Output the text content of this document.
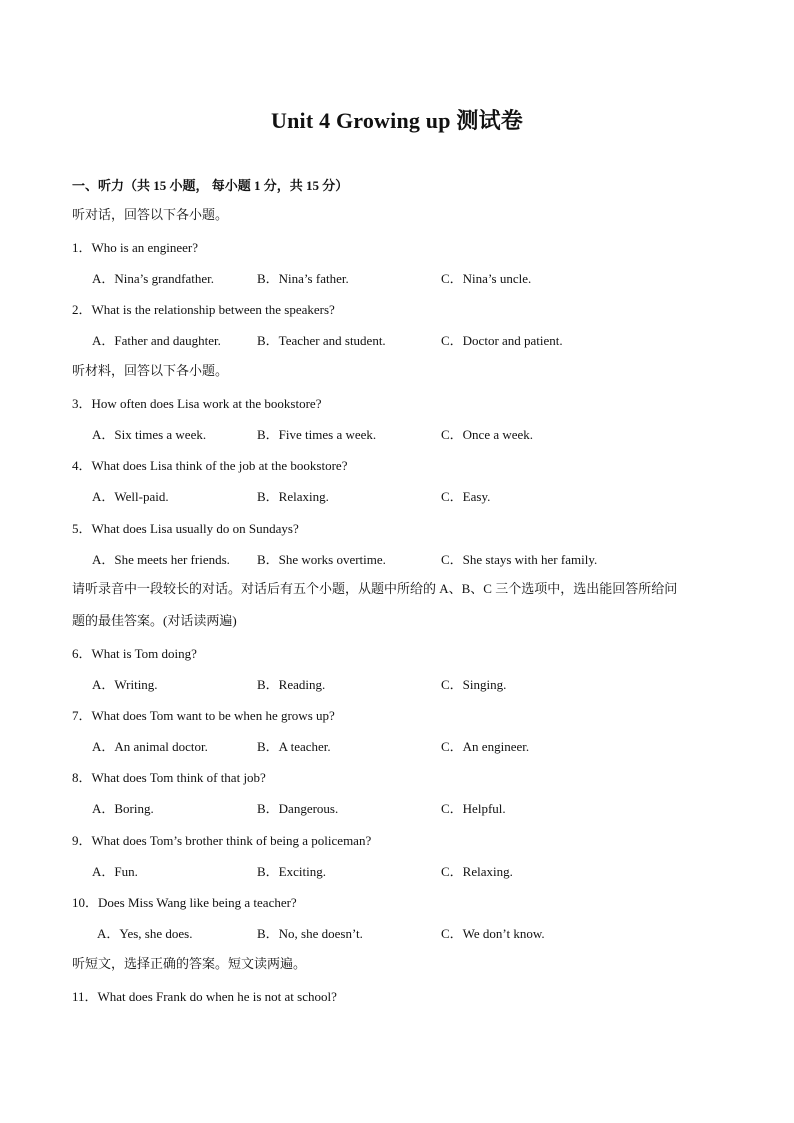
Unit 4 Growing up 测试卷
一、听力（共 15 小题， 每小题 1 分，共 15 分）
听对话，回答以下各小题。
1．Who is an engineer?
A．Nina’s grandfather.	B．Nina’s father.	C．Nina’s uncle.
2．What is the relationship between the speakers?
A．Father and daughter.	B．Teacher and student.	C．Doctor and patient.
听材料，回答以下各小题。
3．How often does Lisa work at the bookstore?
A．Six times a week.	B．Five times a week.	C．Once a week.
4．What does Lisa think of the job at the bookstore?
A．Well-paid.	B．Relaxing.	C．Easy.
5．What does Lisa usually do on Sundays?
A．She meets her friends. B．She works overtime.	C．She stays with her family.
请听录音中一段较长的对话。对话后有五个小题，从题中所给的 A、B、C 三个选项中，选出能回答所给问
题的最佳答案。(对话读两遍)
6．What is Tom doing?
A．Writing.	B．Reading.	C．Singing.
7．What does Tom want to be when he grows up?
A．An animal doctor.	B．A teacher.	C．An engineer.
8．What does Tom think of that job?
A．Boring.	B．Dangerous.	C．Helpful.
9．What does Tom’s brother think of being a policeman?
A．Fun.	B．Exciting.	C．Relaxing.
10．Does Miss Wang like being a teacher?
A．Yes, she does.	B．No, she doesn’t.	C．We don’t know.
听短文，选择正确的答案。短文读两遍。
11．What does Frank do when he is not at school?
